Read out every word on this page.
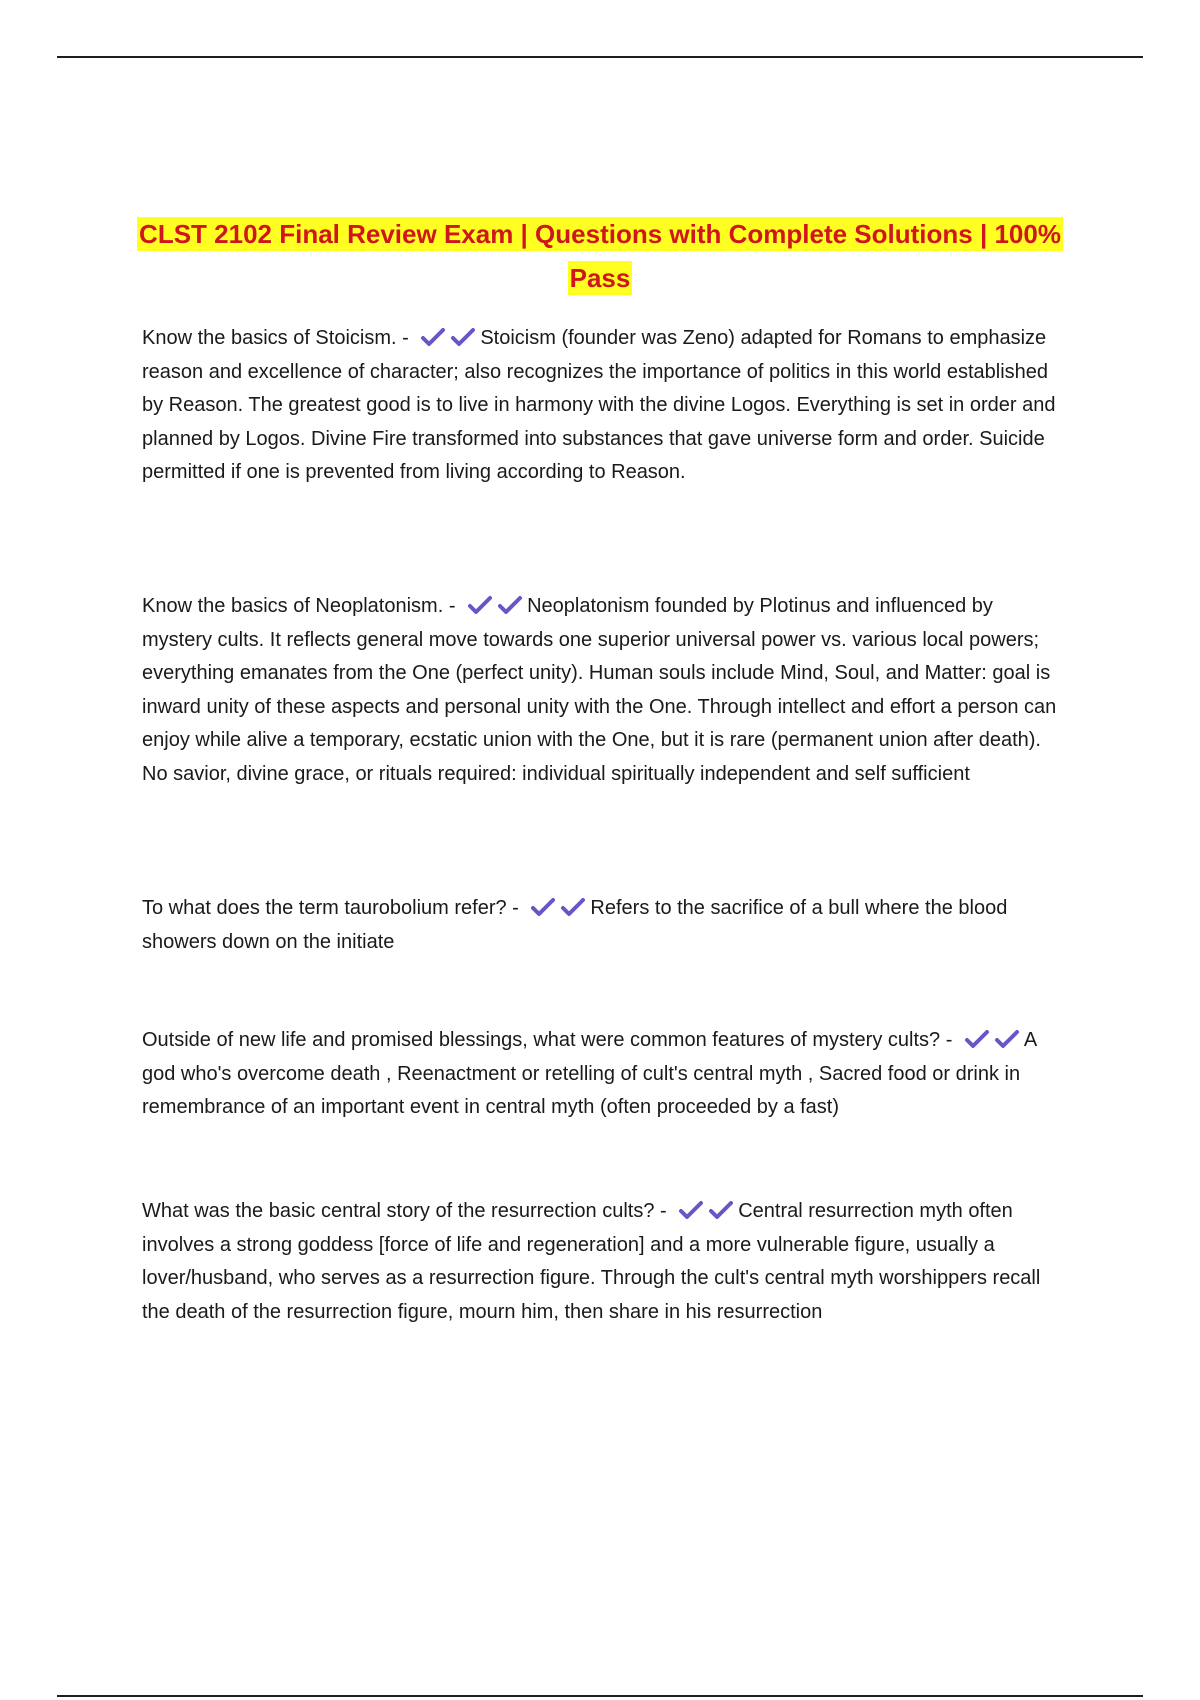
CLST 2102 Final Review Exam | Questions with Complete Solutions | 100% Pass

Know the basics of Stoicism. -	Stoicism (founder was Zeno) adapted for Romans to emphasize reason and excellence of character; also recognizes the importance of politics in this world established by Reason. The greatest good is to live in harmony with the divine Logos. Everything is set in order and planned by Logos. Divine Fire transformed into substances that gave universe form and order. Suicide permitted if one is prevented from living according to Reason.

Know the basics of Neoplatonism. -	Neoplatonism founded by Plotinus and influenced by mystery cults. It reflects general move towards one superior universal power vs. various local powers; everything emanates from the One (perfect unity). Human souls include Mind, Soul, and Matter: goal is inward unity of these aspects and personal unity with the One. Through intellect and effort a person can enjoy while alive a temporary, ecstatic union with the One, but it is rare (permanent union after death). No savior, divine grace, or rituals required: individual spiritually independent and self sufficient

To what does the term taurobolium refer? -	Refers to the sacrifice of a bull where the blood showers down on the initiate

Outside of new life and promised blessings, what were common features of mystery cults? -	A god who's overcome death , Reenactment or retelling of cult's central myth , Sacred food or drink in remembrance of an important event in central myth (often proceeded by a fast)

What was the basic central story of the resurrection cults? -	Central resurrection myth often involves a strong goddess [force of life and regeneration] and a more vulnerable figure, usually a lover/husband, who serves as a resurrection figure. Through the cult's central myth worshippers recall the death of the resurrection figure, mourn him, then share in his resurrection
